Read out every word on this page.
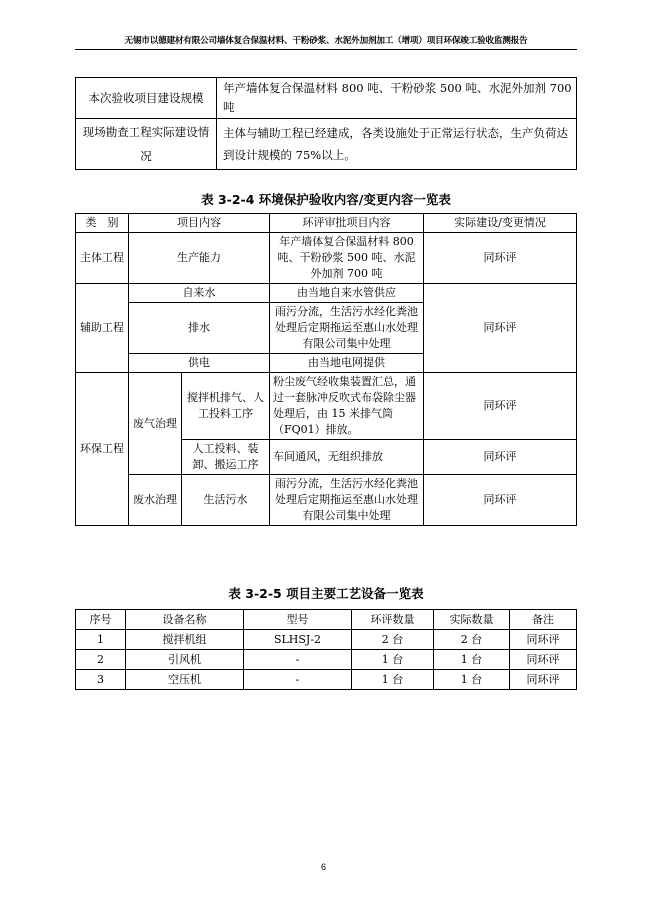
无锡市以德建材有限公司墙体复合保温材料、干粉砂浆、水泥外加剂加工（增项）项目环保竣工验收监测报告
本次验收项目建设规模	年产墙体复合保温材料 800 吨、干粉砂浆 500 吨、水泥外加剂 700 吨
现场勘查工程实际建设情况	主体与辅助工程已经建成，各类设施处于正常运行状态，生产负荷达到设计规模的 75%以上。
表 3-2-4 环境保护验收内容/变更内容一览表
类　别	项目内容		环评审批项目内容	实际建设/变更情况
主体工程	生产能力		年产墙体复合保温材料 800 吨、干粉砂浆 500 吨、水泥外加剂 700 吨	同环评
辅助工程	自来水		由当地自来水管供应	同环评
	排水		雨污分流，生活污水经化粪池处理后定期拖运至惠山水处理有限公司集中处理	
	供电		由当地电网提供	
环保工程	废气治理	搅拌机排气、人工投料工序	粉尘废气经收集装置汇总，通过一套脉冲反吹式布袋除尘器处理后，由 15 米排气筒（FQ01）排放。	同环评
		人工投料、装卸、搬运工序	车间通风，无组织排放	同环评
	废水治理	生活污水	雨污分流，生活污水经化粪池处理后定期拖运至惠山水处理有限公司集中处理	同环评
表 3-2-5 项目主要工艺设备一览表
序号	设备名称	型号	环评数量	实际数量	备注
1	搅拌机组	SLHSJ-2	2 台	2 台	同环评
2	引风机	-	1 台	1 台	同环评
3	空压机	-	1 台	1 台	同环评
6
